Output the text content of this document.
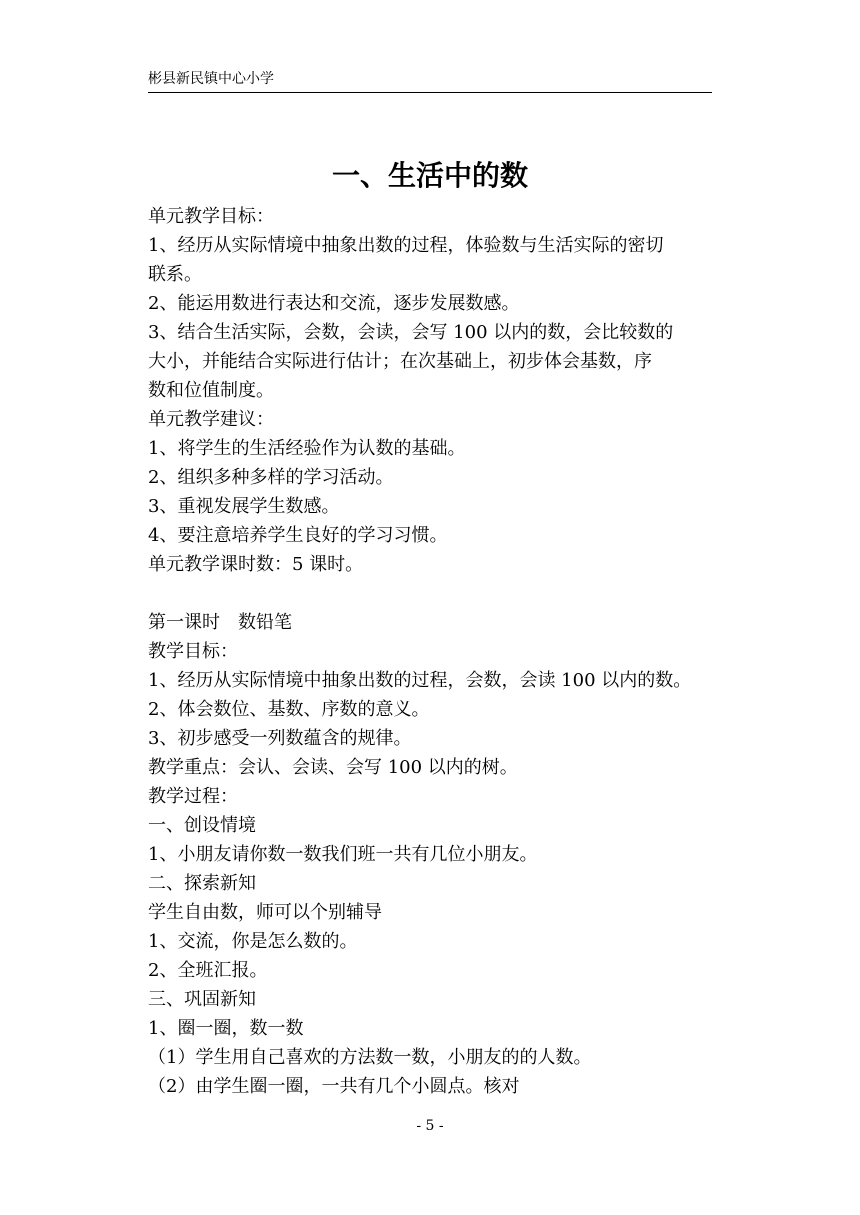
彬县新民镇中心小学
一、生活中的数
单元教学目标：
1、经历从实际情境中抽象出数的过程，体验数与生活实际的密切
联系。
2、能运用数进行表达和交流，逐步发展数感。
3、结合生活实际，会数，会读，会写 100 以内的数，会比较数的
大小，并能结合实际进行估计；在次基础上，初步体会基数，序
数和位值制度。
单元教学建议：
1、将学生的生活经验作为认数的基础。
2、组织多种多样的学习活动。
3、重视发展学生数感。
4、要注意培养学生良好的学习习惯。
单元教学课时数：5 课时。
第一课时　数铅笔
教学目标：
1、经历从实际情境中抽象出数的过程，会数，会读 100 以内的数。
2、体会数位、基数、序数的意义。
3、初步感受一列数蕴含的规律。
教学重点：会认、会读、会写 100 以内的树。
教学过程：
一、创设情境
1、小朋友请你数一数我们班一共有几位小朋友。
二、探索新知
学生自由数，师可以个别辅导
1、交流，你是怎么数的。
2、全班汇报。
三、巩固新知
1、圈一圈，数一数
（1）学生用自己喜欢的方法数一数，小朋友的的人数。
（2）由学生圈一圈，一共有几个小圆点。核对
- 5 -
